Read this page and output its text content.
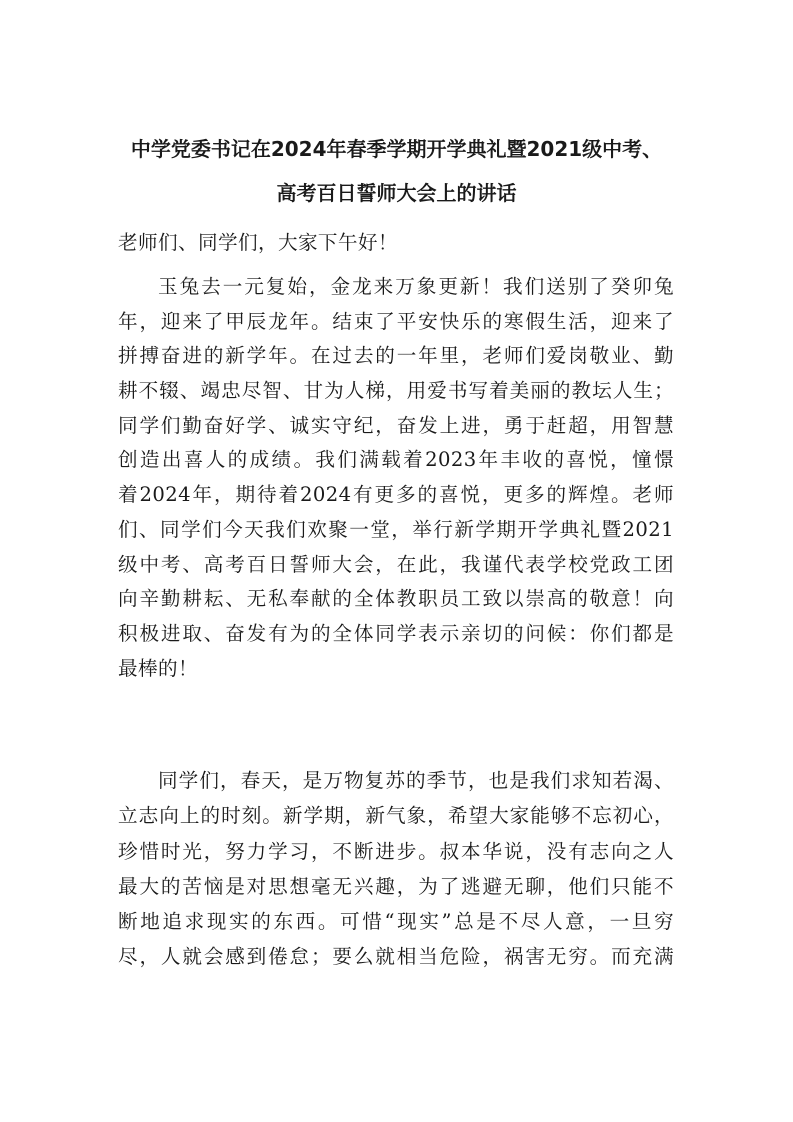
中学党委书记在2024年春季学期开学典礼暨2021级中考、
高考百日誓师大会上的讲话
老师们、同学们，大家下午好！
玉兔去一元复始，金龙来万象更新！我们送别了癸卯兔
年，迎来了甲辰龙年。结束了平安快乐的寒假生活，迎来了
拼搏奋进的新学年。在过去的一年里，老师们爱岗敬业、勤
耕不辍、竭忠尽智、甘为人梯，用爱书写着美丽的教坛人生；
同学们勤奋好学、诚实守纪，奋发上进，勇于赶超，用智慧
创造出喜人的成绩。我们满载着2023年丰收的喜悦，憧憬
着2024年，期待着2024有更多的喜悦，更多的辉煌。老师
们、同学们今天我们欢聚一堂，举行新学期开学典礼暨2021
级中考、高考百日誓师大会，在此，我谨代表学校党政工团
向辛勤耕耘、无私奉献的全体教职员工致以崇高的敬意！向
积极进取、奋发有为的全体同学表示亲切的问候：你们都是
最棒的！
同学们，春天，是万物复苏的季节，也是我们求知若渴、
立志向上的时刻。新学期，新气象，希望大家能够不忘初心，
珍惜时光，努力学习，不断进步。叔本华说，没有志向之人
最大的苦恼是对思想毫无兴趣，为了逃避无聊，他们只能不
断地追求现实的东西。可惜“现实”总是不尽人意，一旦穷
尽，人就会感到倦怠；要么就相当危险，祸害无穷。而充满
